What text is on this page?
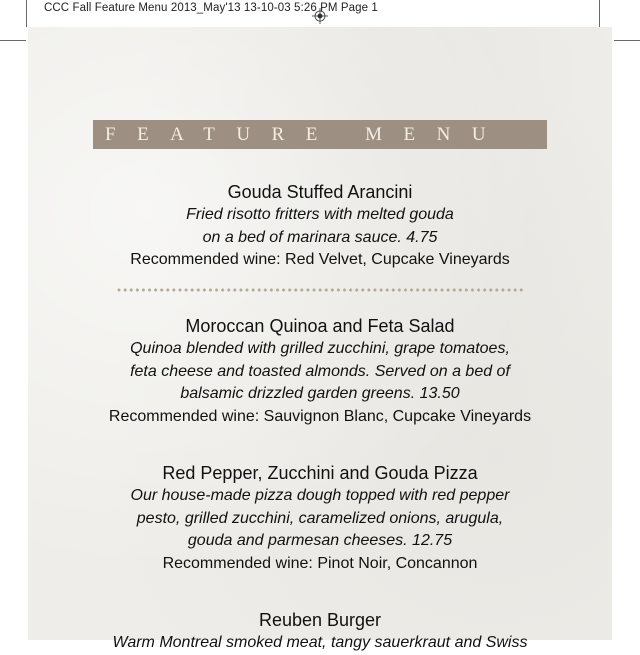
CCC Fall Feature Menu 2013_May'13 13-10-03 5:26 PM Page 1
FEATURE MENU
Gouda Stuffed Arancini
Fried risotto fritters with melted gouda
on a bed of marinara sauce. 4.75
Recommended wine: Red Velvet, Cupcake Vineyards
Moroccan Quinoa and Feta Salad
Quinoa blended with grilled zucchini, grape tomatoes,
feta cheese and toasted almonds. Served on a bed of
balsamic drizzled garden greens. 13.50
Recommended wine: Sauvignon Blanc, Cupcake Vineyards
Red Pepper, Zucchini and Gouda Pizza
Our house-made pizza dough topped with red pepper
pesto, grilled zucchini, caramelized onions, arugula,
gouda and parmesan cheeses. 12.75
Recommended wine: Pinot Noir, Concannon
Reuben Burger
Warm Montreal smoked meat, tangy sauerkraut and Swiss
